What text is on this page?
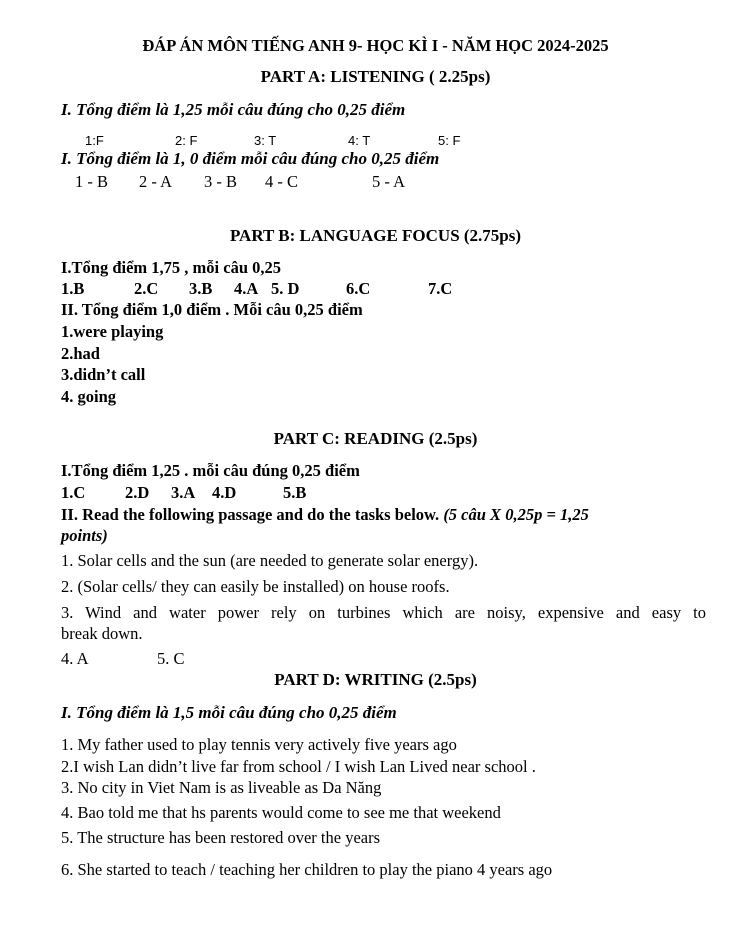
ĐÁP ÁN MÔN TIẾNG ANH 9- HỌC KÌ I - NĂM HỌC 2024-2025
PART A: LISTENING ( 2.25ps)
I. Tổng điểm là 1,25 mỗi câu đúng cho 0,25 điểm
1:F	2: F	3: T	4: T	5: F
I. Tổng điểm là 1, 0 điểm mỗi câu đúng cho 0,25 điểm
1 - B 2 - A 3 - B 4 - C	5 - A
PART B: LANGUAGE FOCUS (2.75ps)
I.Tổng điểm 1,75 , mỗi câu 0,25
1.B	2.C 3.B 4.A 5. D	6.C	7.C
II. Tổng điểm 1,0 điểm . Mỗi câu 0,25 điểm
1.were playing
2.had
3.didn’t call
4. going
PART C: READING (2.5ps)
I.Tổng điểm 1,25 . mỗi câu đúng 0,25 điểm
1.C 2.D 3.A 4.D	5.B
II. Read the following passage and do the tasks below. (5 câu X 0,25p = 1,25
points)
1. Solar cells and the sun (are needed to generate solar energy).
2. (Solar cells/ they can easily be installed) on house roofs.
3. Wind and water power rely on turbines which are noisy, expensive and easy to
break down.
4. A	5. C
PART D: WRITING (2.5ps)
I. Tổng điểm là 1,5 mỗi câu đúng cho 0,25 điểm
1. My father used to play tennis very actively five years ago
2.I wish Lan didn’t live far from school / I wish Lan Lived near school .
3. No city in Viet Nam is as liveable as Da Năng
4. Bao told me that hs parents would come to see me that weekend
5. The structure has been restored over the years
6. She started to teach / teaching her children to play the piano 4 years ago
